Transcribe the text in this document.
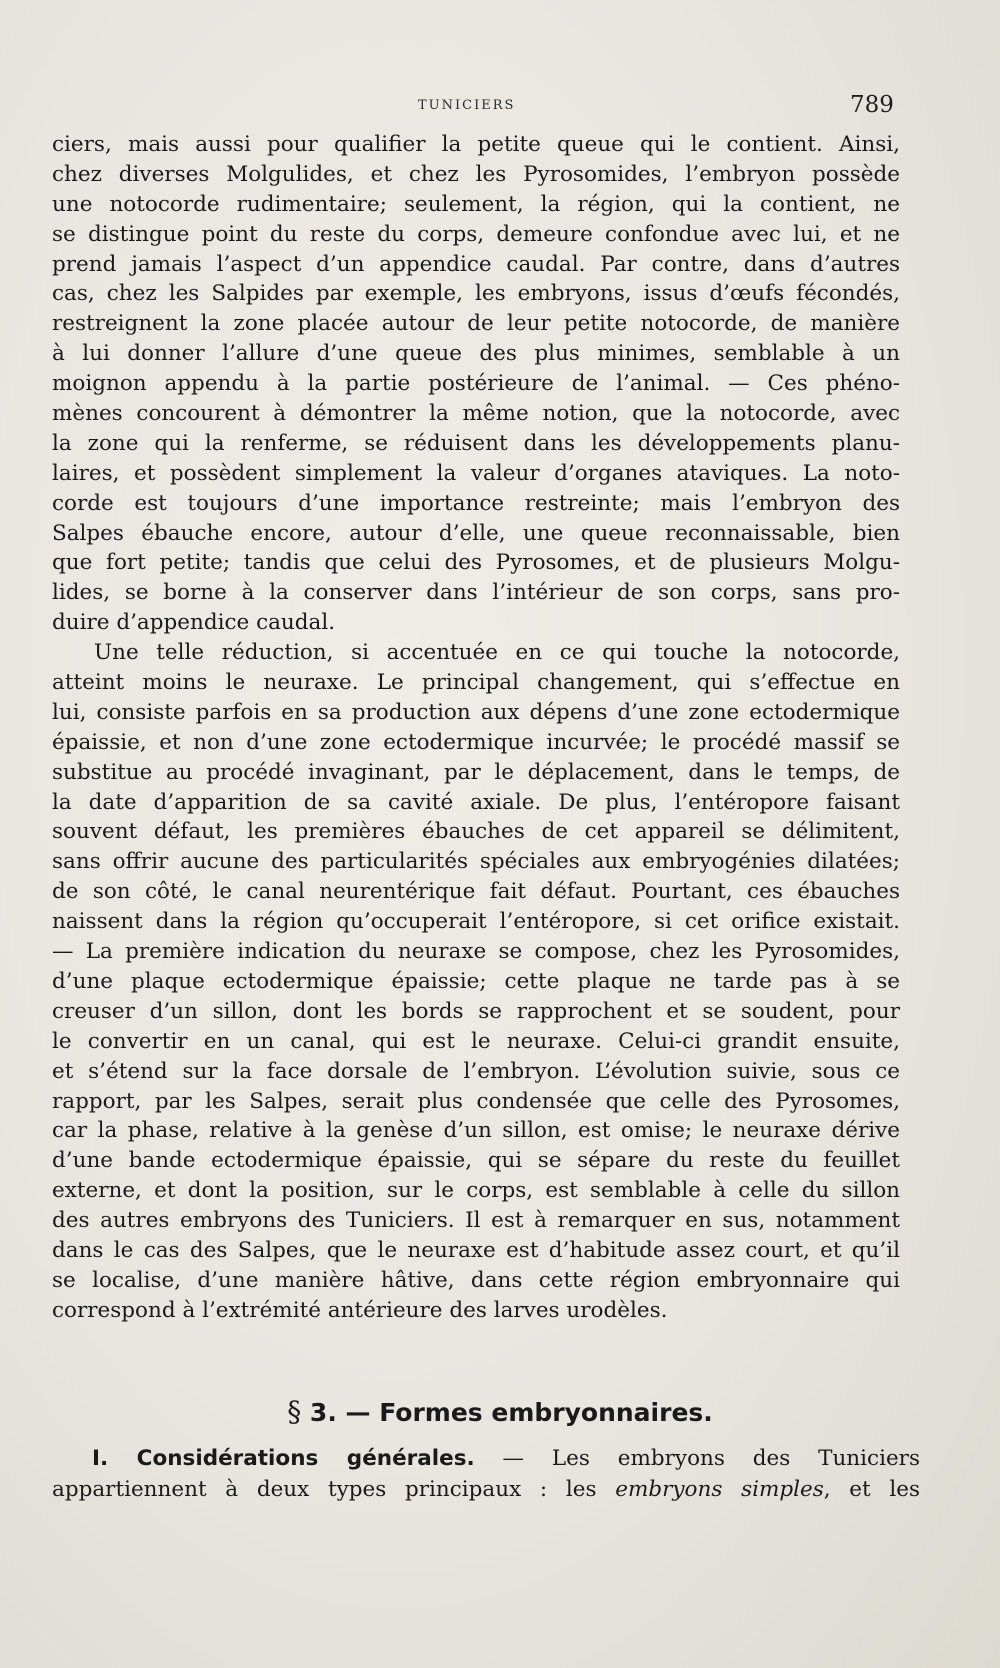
TUNICIERS	789
ciers, mais aussi pour qualifier la petite queue qui le contient. Ainsi,
chez diverses Molgulides, et chez les Pyrosomides, l’embryon possède
une notocorde rudimentaire; seulement, la région, qui la contient, ne
se distingue point du reste du corps, demeure confondue avec lui, et ne
prend jamais l’aspect d’un appendice caudal. Par contre, dans d’autres
cas, chez les Salpides par exemple, les embryons, issus d’œufs fécondés,
restreignent la zone placée autour de leur petite notocorde, de manière
à lui donner l’allure d’une queue des plus minimes, semblable à un
moignon appendu à la partie postérieure de l’animal. — Ces phéno-
mènes concourent à démontrer la même notion, que la notocorde, avec
la zone qui la renferme, se réduisent dans les développements planu-
laires, et possèdent simplement la valeur d’organes ataviques. La noto-
corde est toujours d’une importance restreinte; mais l’embryon des
Salpes ébauche encore, autour d’elle, une queue reconnaissable, bien
que fort petite; tandis que celui des Pyrosomes, et de plusieurs Molgu-
lides, se borne à la conserver dans l’intérieur de son corps, sans pro-
duire d’appendice caudal.
Une telle réduction, si accentuée en ce qui touche la notocorde,
atteint moins le neuraxe. Le principal changement, qui s’effectue en
lui, consiste parfois en sa production aux dépens d’une zone ectodermique
épaissie, et non d’une zone ectodermique incurvée; le procédé massif se
substitue au procédé invaginant, par le déplacement, dans le temps, de
la date d’apparition de sa cavité axiale. De plus, l’entéropore faisant
souvent défaut, les premières ébauches de cet appareil se délimitent,
sans offrir aucune des particularités spéciales aux embryogénies dilatées;
de son côté, le canal neurentérique fait défaut. Pourtant, ces ébauches
naissent dans la région qu’occuperait l’entéropore, si cet orifice existait.
— La première indication du neuraxe se compose, chez les Pyrosomides,
d’une plaque ectodermique épaissie; cette plaque ne tarde pas à se
creuser d’un sillon, dont les bords se rapprochent et se soudent, pour
le convertir en un canal, qui est le neuraxe. Celui-ci grandit ensuite,
et s’étend sur la face dorsale de l’embryon. L’évolution suivie, sous ce
rapport, par les Salpes, serait plus condensée que celle des Pyrosomes,
car la phase, relative à la genèse d’un sillon, est omise; le neuraxe dérive
d’une bande ectodermique épaissie, qui se sépare du reste du feuillet
externe, et dont la position, sur le corps, est semblable à celle du sillon
des autres embryons des Tuniciers. Il est à remarquer en sus, notamment
dans le cas des Salpes, que le neuraxe est d’habitude assez court, et qu’il
se localise, d’une manière hâtive, dans cette région embryonnaire qui
correspond à l’extrémité antérieure des larves urodèles.
§ 3. — Formes embryonnaires.
I. Considérations générales. — Les embryons des Tuniciers
appartiennent à deux types principaux : les embryons simples, et les
